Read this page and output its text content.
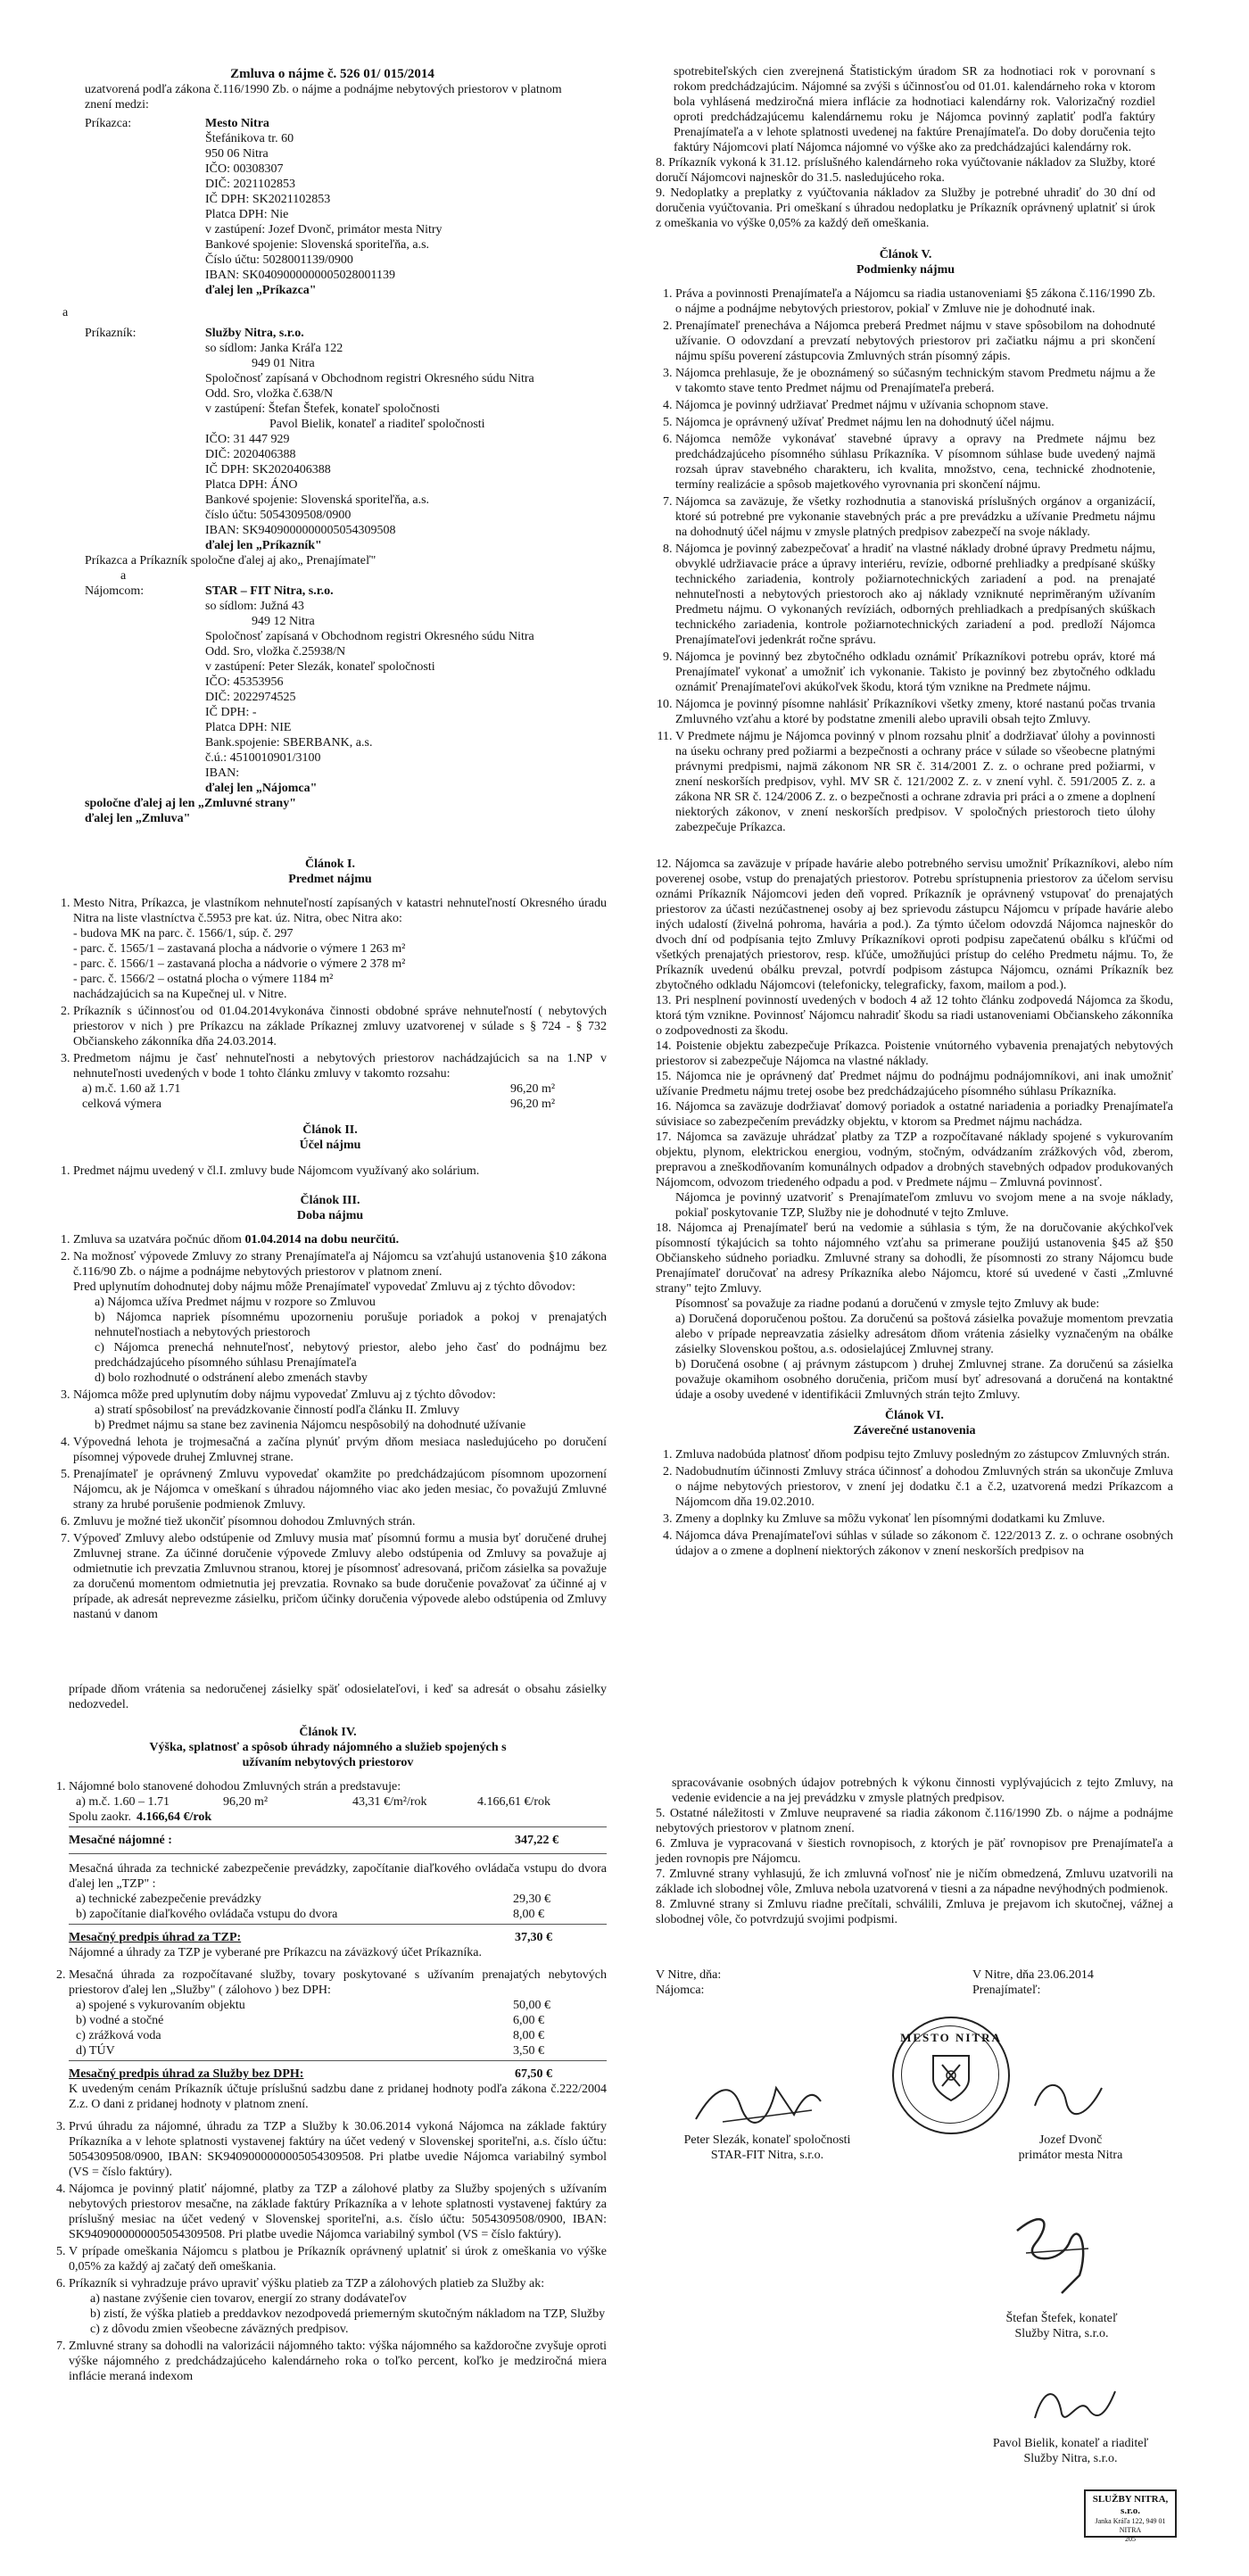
Zmluva o nájme č. 526 01/ 015/2014
uzatvorená podľa zákona č.116/1990 Zb. o nájme a podnájme nebytových priestorov v platnom znení medzi:
Príkazca:	Mesto Nitra
Štefánikova tr. 60
950 06 Nitra
IČO: 00308307
DIČ: 2021102853
IČ DPH: SK2021102853
Platca DPH: Nie
v zastúpení: Jozef Dvonč, primátor mesta Nitry
Bankové spojenie: Slovenská sporiteľňa, a.s.
Číslo účtu: 5028001139/0900
IBAN: SK0409000000005028001139
ďalej len „Príkazca"
a
Príkazník:	Služby Nitra, s.r.o.
so sídlom: Janka Kráľa 122
949 01 Nitra
Spoločnosť zapísaná v Obchodnom registri Okresného súdu Nitra
Odd. Sro, vložka č.638/N
v zastúpení: Štefan Štefek, konateľ spoločnosti
Pavol Bielik, konateľ a riaditeľ spoločnosti
IČO: 31 447 929
DIČ: 2020406388
IČ DPH: SK2020406388
Platca DPH: ÁNO
Bankové spojenie: Slovenská sporiteľňa, a.s.
číslo účtu: 5054309508/0900
IBAN: SK9409000000005054309508
ďalej len „Príkazník"
Príkazca a Príkazník spoločne ďalej aj ako„ Prenajímateľ"
a
Nájomcom:	STAR – FIT Nitra, s.r.o.
so sídlom: Južná 43
949 12 Nitra
Spoločnosť zapísaná v Obchodnom registri Okresného súdu Nitra
Odd. Sro, vložka č.25938/N
v zastúpení: Peter Slezák, konateľ spoločnosti
IČO: 45353956
DIČ: 2022974525
IČ DPH: -
Platca DPH: NIE
Bank.spojenie: SBERBANK, a.s.
č.ú.: 4510010901/3100
IBAN:
ďalej len „Nájomca"
spoločne ďalej aj len „Zmluvné strany"
ďalej len „Zmluva"
spotrebiteľských cien zverejnená Štatistickým úradom SR za hodnotiaci rok v porovnaní s rokom predchádzajúcim. Nájomné sa zvýši s účinnosťou od 01.01. kalendárneho roka v ktorom bola vyhlásená medziročná miera inflácie za hodnotiaci kalendárny rok. Valorizačný rozdiel oproti predchádzajúcemu kalendárnemu roku je Nájomca povinný zaplatiť podľa faktúry Prenajímateľa a v lehote splatnosti uvedenej na faktúre Prenajímateľa. Do doby doručenia tejto faktúry Nájomcovi platí Nájomca nájomné vo výške ako za predchádzajúci kalendárny rok.
8. Príkazník vykoná k 31.12. príslušného kalendárneho roka vyúčtovanie nákladov za Služby, ktoré doručí Nájomcovi najneskôr do 31.5. nasledujúceho roka.
9. Nedoplatky a preplatky z vyúčtovania nákladov za Služby je potrebné uhradiť do 30 dní od doručenia vyúčtovania. Pri omeškaní s úhradou nedoplatku je Príkazník oprávnený uplatniť si úrok z omeškania vo výške 0,05% za každý deň omeškania.
Článok V.
Podmienky nájmu
1. Práva a povinnosti Prenajímateľa a Nájomcu sa riadia ustanoveniami §5 zákona č.116/1990 Zb. o nájme a podnájme nebytových priestorov, pokiaľ v Zmluve nie je dohodnuté inak.
2. Prenajímateľ prenecháva a Nájomca preberá Predmet nájmu v stave spôsobilom na dohodnuté užívanie. O odovzdaní a prevzatí nebytových priestorov pri začiatku nájmu a pri skončení nájmu spíšu poverení zástupcovia Zmluvných strán písomný zápis.
3. Nájomca prehlasuje, že je oboznámený so súčasným technickým stavom Predmetu nájmu a že v takomto stave tento Predmet nájmu od Prenajímateľa preberá.
4. Nájomca je povinný udržiavať Predmet nájmu v užívania schopnom stave.
5. Nájomca je oprávnený užívať Predmet nájmu len na dohodnutý účel nájmu.
6. Nájomca nemôže vykonávať stavebné úpravy a opravy na Predmete nájmu bez predchádzajúceho písomného súhlasu Príkazníka. V písomnom súhlase bude uvedený najmä rozsah úprav stavebného charakteru, ich kvalita, množstvo, cena, technické zhodnotenie, termíny realizácie a spôsob majetkového vyrovnania pri skončení nájmu.
7. Nájomca sa zaväzuje, že všetky rozhodnutia a stanoviská príslušných orgánov a organizácií, ktoré sú potrebné pre vykonanie stavebných prác a pre prevádzku a užívanie Predmetu nájmu na dohodnutý účel nájmu v zmysle platných predpisov zabezpečí na svoje náklady.
8. Nájomca je povinný zabezpečovať a hradiť na vlastné náklady drobné úpravy Predmetu nájmu, obvyklé udržiavacie práce a úpravy interiéru, revízie, odborné prehliadky a predpísané skúšky technického zariadenia, kontroly požiarnotechnických zariadení a pod. na prenajaté nehnuteľnosti a nebytových priestoroch ako aj náklady vzniknuté nepriměraným užívaním Predmetu nájmu. O vykonaných revíziách, odborných prehliadkach a predpísaných skúškach technického zariadenia, kontrole požiarnotechnických zariadení a pod. predloží Nájomca Prenajímateľovi jedenkrát ročne správu.
9. Nájomca je povinný bez zbytočného odkladu oznámiť Príkazníkovi potrebu opráv, ktoré má Prenajímateľ vykonať a umožniť ich vykonanie. Takisto je povinný bez zbytočného odkladu oznámiť Prenajímateľovi akúkoľvek škodu, ktorá tým vznikne na Predmete nájmu.
10. Nájomca je povinný písomne nahlásiť Príkazníkovi všetky zmeny, ktoré nastanú počas trvania Zmluvného vzťahu a ktoré by podstatne zmenili alebo upravili obsah tejto Zmluvy.
11. V Predmete nájmu je Nájomca povinný v plnom rozsahu plniť a dodržiavať úlohy a povinnosti na úseku ochrany pred požiarmi a bezpečnosti a ochrany práce v súlade so všeobecne platnými právnymi predpismi, najmä zákonom NR SR č. 314/2001 Z. z. o ochrane pred požiarmi, v znení neskorších predpisov, vyhl. MV SR č. 121/2002 Z. z. v znení vyhl. č. 591/2005 Z. z. a zákona NR SR č. 124/2006 Z. z. o bezpečnosti a ochrane zdravia pri práci a o zmene a doplnení niektorých zákonov, v znení neskorších predpisov. V spoločných priestoroch tieto úlohy zabezpečuje Príkazca.
Článok I.
Predmet nájmu
1. Mesto Nitra, Príkazca, je vlastníkom nehnuteľností zapísaných v katastri nehnuteľností Okresného úradu Nitra na liste vlastníctva č.5953 pre kat. úz. Nitra, obec Nitra ako:
- budova MK na parc. č. 1566/1, súp. č. 297
- parc. č. 1565/1 – zastavaná plocha a nádvorie o výmere 1 263 m²
- parc. č. 1566/1 – zastavaná plocha a nádvorie o výmere 2 378 m²
- parc. č. 1566/2 – ostatná plocha o výmere 1184 m²
nachádzajúcich sa na Kupečnej ul. v Nitre.
2. Príkazník s účinnosťou od 01.04.2014vykonáva činnosti obdobné správe nehnuteľností ( nebytových priestorov v nich ) pre Príkazcu na základe Príkaznej zmluvy uzatvorenej v súlade s § 724 - § 732 Občianskeho zákonníka dňa 24.03.2014.
3. Predmetom nájmu je časť nehnuteľnosti a nebytových priestorov nachádzajúcich sa na 1.NP v nehnuteľnosti uvedených v bode 1 tohto článku zmluvy v takomto rozsahu:
a) m.č. 1.60 až 1.71	96,20 m²
celková výmera	96,20 m²
Článok II.
Účel nájmu
1. Predmet nájmu uvedený v čl.I. zmluvy bude Nájomcom využívaný ako solárium.
Článok III.
Doba nájmu
1. Zmluva sa uzatvára počnúc dňom 01.04.2014 na dobu neurčitú.
2. Na možnosť výpovede Zmluvy zo strany Prenajímateľa aj Nájomcu sa vzťahujú ustanovenia §10 zákona č.116/90 Zb. o nájme a podnájme nebytových priestorov v platnom znení.
Pred uplynutím dohodnutej doby nájmu môže Prenajímateľ vypovedať Zmluvu aj z týchto dôvodov:
a) Nájomca užíva Predmet nájmu v rozpore so Zmluvou
b) Nájomca napriek písomnému upozorneniu porušuje poriadok a pokoj v prenajatých nehnuteľnostiach a nebytových priestoroch
c) Nájomca prenechá nehnuteľnosť, nebytový priestor, alebo jeho časť do podnájmu bez predchádzajúceho písomného súhlasu Prenajímateľa
d) bolo rozhodnuté o odstránení alebo zmenách stavby
3. Nájomca môže pred uplynutím doby nájmu vypovedať Zmluvu aj z týchto dôvodov:
a) stratí spôsobilosť na prevádzkovanie činností podľa článku II. Zmluvy
b) Predmet nájmu sa stane bez zavinenia Nájomcu nespôsobilý na dohodnuté užívanie
4. Výpovedná lehota je trojmesačná a začína plynúť prvým dňom mesiaca nasledujúceho po doručení písomnej výpovede druhej Zmluvnej strane.
5. Prenajímateľ je oprávnený Zmluvu vypovedať okamžite po predchádzajúcom písomnom upozornení Nájomcu, ak je Nájomca v omeškaní s úhradou nájomného viac ako jeden mesiac, čo považujú Zmluvné strany za hrubé porušenie podmienok Zmluvy.
6. Zmluvu je možné tiež ukončiť písomnou dohodou Zmluvných strán.
7. Výpoveď Zmluvy alebo odstúpenie od Zmluvy musia mať písomnú formu a musia byť doručené druhej Zmluvnej strane. Za účinné doručenie výpovede Zmluvy alebo odstúpenia od Zmluvy sa považuje aj odmietnutie ich prevzatia Zmluvnou stranou, ktorej je písomnosť adresovaná, pričom zásielka sa považuje za doručenú momentom odmietnutia jej prevzatia. Rovnako sa bude doručenie považovať za účinné aj v prípade, ak adresát neprevezme zásielku, pričom účinky doručenia výpovede alebo odstúpenia od Zmluvy nastanú v danom
12. Nájomca sa zaväzuje v prípade havárie alebo potrebného servisu umožniť Príkazníkovi, alebo ním poverenej osobe, vstup do prenajatých priestorov. Potrebu sprístupnenia priestorov za účelom servisu oznámi Príkazník Nájomcovi jeden deň vopred. Príkazník je oprávnený vstupovať do prenajatých priestorov za účasti nezúčastnenej osoby aj bez sprievodu zástupcu Nájomcu v prípade havárie alebo iných udalostí (živelná pohroma, havária a pod.). Za týmto účelom odovzdá Nájomca najneskôr do dvoch dní od podpísania tejto Zmluvy Príkazníkovi oproti podpisu zapečatenú obálku s kľúčmi od všetkých prenajatých priestorov, resp. kľúče, umožňujúci prístup do celého Predmetu nájmu. To, že Príkazník uvedenú obálku prevzal, potvrdí podpisom zástupca Nájomcu, oznámi Príkazník bez zbytočného odkladu Nájomcovi (telefonicky, telegraficky, faxom, mailom a pod.).
13. Pri nesplnení povinností uvedených v bodoch 4 až 12 tohto článku zodpovedá Nájomca za škodu, ktorá tým vznikne. Povinnosť Nájomcu nahradiť škodu sa riadi ustanoveniami Občianskeho zákonníka o zodpovednosti za škodu.
14. Poistenie objektu zabezpečuje Príkazca. Poistenie vnútorného vybavenia prenajatých nebytových priestorov si zabezpečuje Nájomca na vlastné náklady.
15. Nájomca nie je oprávnený dať Predmet nájmu do podnájmu podnájomníkovi, ani inak umožniť užívanie Predmetu nájmu tretej osobe bez predchádzajúceho písomného súhlasu Príkazníka.
16. Nájomca sa zaväzuje dodržiavať domový poriadok a ostatné nariadenia a poriadky Prenajímateľa súvisiace so zabezpečením prevádzky objektu, v ktorom sa Predmet nájmu nachádza.
17. Nájomca sa zaväzuje uhrádzať platby za TZP a rozpočítavané náklady spojené s vykurovaním objektu, plynom, elektrickou energiou, vodným, stočným, odvádzaním zrážkových vôd, zberom, prepravou a zneškodňovaním komunálnych odpadov a drobných stavebných odpadov produkovaných Nájomcom, odvozom triedeného odpadu a pod. v Predmete nájmu – Zmluvná povinnosť.
Nájomca je povinný uzatvoriť s Prenajímateľom zmluvu vo svojom mene a na svoje náklady, pokiaľ poskytovanie TZP, Služby nie je dohodnuté v tejto Zmluve.
18. Nájomca aj Prenajímateľ berú na vedomie a súhlasia s tým, že na doručovanie akýchkoľvek písomností týkajúcich sa tohto nájomného vzťahu sa primerane použijú ustanovenia §45 až §50 Občianskeho súdneho poriadku. Zmluvné strany sa dohodli, že písomnosti zo strany Nájomcu bude Prenajímateľ doručovať na adresy Príkazníka alebo Nájomcu, ktoré sú uvedené v časti „Zmluvné strany" tejto Zmluvy.
Písomnosť sa považuje za riadne podanú a doručenú v zmysle tejto Zmluvy ak bude:
a) Doručená doporučenou poštou. Za doručenú sa poštová zásielka považuje momentom prevzatia alebo v prípade nepreavzatia zásielky adresátom dňom vrátenia zásielky vyznačeným na obálke zásielky Slovenskou poštou, a.s. odosielajúcej Zmluvnej strany.
b) Doručená osobne ( aj právnym zástupcom ) druhej Zmluvnej strane. Za doručenú sa zásielka považuje okamihom osobného doručenia, pričom musí byť adresovaná a doručená na kontaktné údaje a osoby uvedené v identifikácii Zmluvných strán tejto Zmluvy.
Článok VI.
Záverečné ustanovenia
1. Zmluva nadobúda platnosť dňom podpisu tejto Zmluvy posledným zo zástupcov Zmluvných strán.
2. Nadobudnutím účinnosti Zmluvy stráca účinnosť a dohodou Zmluvných strán sa ukončuje Zmluva o nájme nebytových priestorov, v znení jej dodatku č.1 a č.2, uzatvorená medzi Príkazcom a Nájomcom dňa 19.02.2010.
3. Zmeny a doplnky ku Zmluve sa môžu vykonať len písomnými dodatkami ku Zmluve.
4. Nájomca dáva Prenajímateľovi súhlas v súlade so zákonom č. 122/2013 Z. z. o ochrane osobných údajov a o zmene a doplnení niektorých zákonov v znení neskorších predpisov na
prípade dňom vrátenia sa nedoručenej zásielky späť odosielateľovi, i keď sa adresát o obsahu zásielky nedozvedel.
Článok IV.
Výška, splatnosť a spôsob úhrady nájomného a služieb spojených s užívaním nebytových priestorov
1. Nájomné bolo stanovené dohodou Zmluvných strán a predstavuje:
a) m.č. 1.60 – 1.71	96,20 m²	43,31 €/m²/rok	4.166,61 €/rok
Spolu zaokr. 4.166,64 €/rok
Mesačné nájomné :	347,22 €
Mesačná úhrada za technické zabezpečenie prevádzky, započítanie diaľkového ovládača vstupu do dvora ďalej len „TZP" :
a) technické zabezpečenie prevádzky	29,30 €
b) započítanie diaľkového ovládača vstupu do dvora	8,00 €
Mesačný predpis úhrad za TZP:	37,30 €
Nájomné a úhrady za TZP je vyberané pre Príkazcu na záväzkový účet Príkazníka.
2. Mesačná úhrada za rozpočítavané služby, tovary poskytované s užívaním prenajatých nebytových priestorov ďalej len „Služby" ( zálohovo ) bez DPH:
a) spojené s vykurovaním objektu	50,00 €
b) vodné a stočné	6,00 €
c) zrážková voda	8,00 €
d) TÚV	3,50 €
Mesačný predpis úhrad za Služby bez DPH:	67,50 €
K uvedeným cenám Príkazník účtuje príslušnú sadzbu dane z pridanej hodnoty podľa zákona č.222/2004 Z.z. O dani z pridanej hodnoty v platnom znení.
3. Prvú úhradu za nájomné, úhradu za TZP a Služby k 30.06.2014 vykoná Nájomca na základe faktúry Príkazníka a v lehote splatnosti vystavenej faktúry na účet vedený v Slovenskej sporiteľni, a.s. číslo účtu: 5054309508/0900, IBAN: SK9409000000005054309508. Pri platbe uvedie Nájomca variabilný symbol (VS = číslo faktúry).
4. Nájomca je povinný platiť nájomné, platby za TZP a zálohové platby za Služby spojených s užívaním nebytových priestorov mesačne, na základe faktúry Príkazníka a v lehote splatnosti vystavenej faktúry za príslušný mesiac na účet vedený v Slovenskej sporiteľni, a.s. číslo účtu: 5054309508/0900, IBAN: SK9409000000005054309508. Pri platbe uvedie Nájomca variabilný symbol (VS = číslo faktúry).
5. V prípade omeškania Nájomcu s platbou je Príkazník oprávnený uplatniť si úrok z omeškania vo výške 0,05% za každý aj začatý deň omeškania.
6. Príkazník si vyhradzuje právo upraviť výšku platieb za TZP a zálohových platieb za Služby ak:
a) nastane zvýšenie cien tovarov, energií zo strany dodávateľov
b) zistí, že výška platieb a preddavkov nezodpovedá priemerným skutočným nákladom na TZP, Služby
c) z dôvodu zmien všeobecne záväzných predpisov.
7. Zmluvné strany sa dohodli na valorizácii nájomného takto: výška nájomného sa každoročne zvyšuje oproti výške nájomného z predchádzajúceho kalendárneho roka o toľko percent, koľko je medziročná miera inflácie meraná indexom
spracovávanie osobných údajov potrebných k výkonu činnosti vyplývajúcich z tejto Zmluvy, na vedenie evidencie a na jej prevádzku v zmysle platných predpisov.
5. Ostatné náležitosti v Zmluve neupravené sa riadia zákonom č.116/1990 Zb. o nájme a podnájme nebytových priestorov v platnom znení.
6. Zmluva je vypracovaná v šiestich rovnopisoch, z ktorých je päť rovnopisov pre Prenajímateľa a jeden rovnopis pre Nájomcu.
7. Zmluvné strany vyhlasujú, že ich zmluvná voľnosť nie je ničím obmedzená, Zmluvu uzatvorili na základe ich slobodnej vôle, Zmluva nebola uzatvorená v tiesni a za nápadne nevýhodných podmienok.
8. Zmluvné strany si Zmluvu riadne prečítali, schválili, Zmluva je prejavom ich skutočnej, vážnej a slobodnej vôle, čo potvrdzujú svojimi podpismi.
V Nitre, dňa:
Nájomca:
V Nitre, dňa 23.06.2014
Prenajímateľ:
Peter Slezák, konateľ spoločnosti
STAR-FIT Nitra, s.r.o.
MESTO NITRA
Jozef Dvonč
primátor mesta Nitra
Štefan Štefek, konateľ
Služby Nitra, s.r.o.
Pavol Bielik, konateľ a riaditeľ
Služby Nitra, s.r.o.
SLUŽBY NITRA, s.r.o.
Janka Kráľa 122, 949 01 NITRA
205
